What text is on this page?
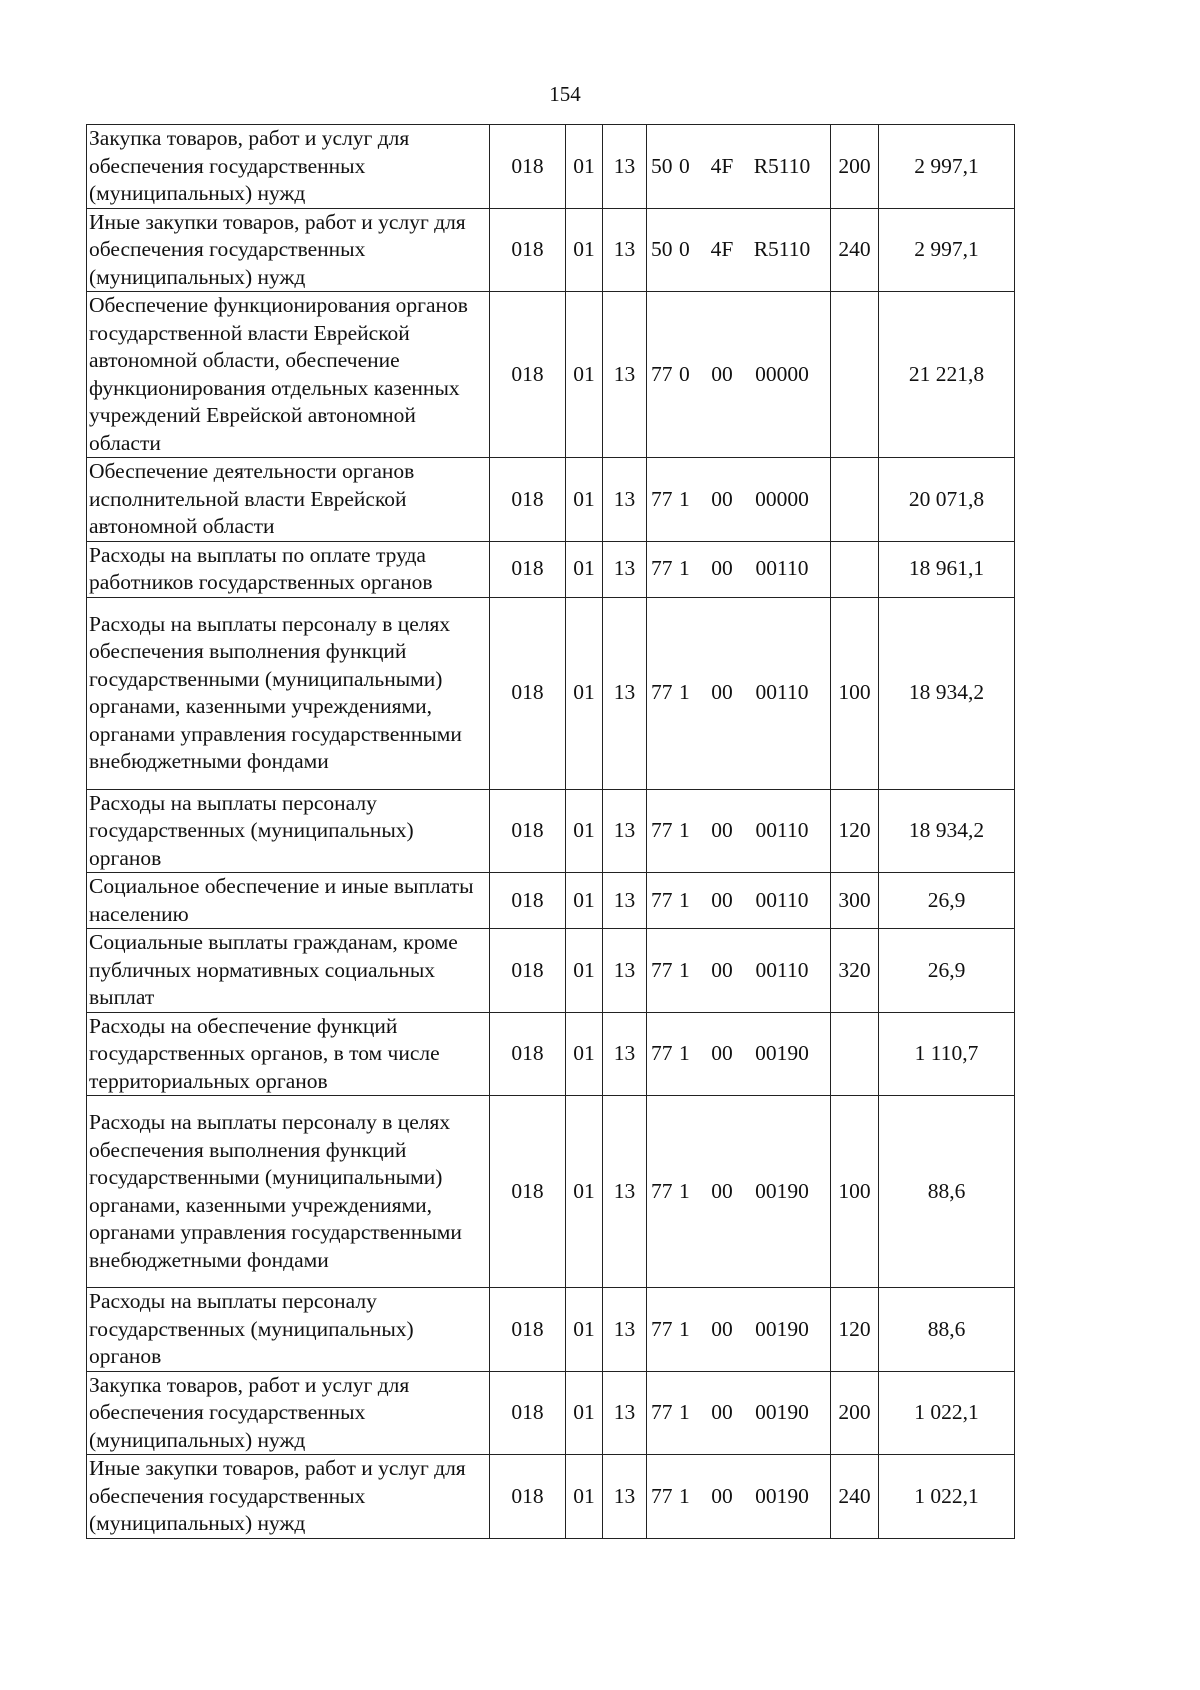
154
Закупка товаров, работ и услуг для обеспечения государственных (муниципальных) нужд	018	01	13	50 0 4F R5110	200	2 997,1
Иные закупки товаров, работ и услуг для обеспечения государственных (муниципальных) нужд	018	01	13	50 0 4F R5110	240	2 997,1
Обеспечение функционирования органов государственной власти Еврейской автономной области, обеспечение функционирования отдельных казенных учреждений Еврейской автономной области	018	01	13	77 0 00 00000		21 221,8
Обеспечение деятельности органов исполнительной власти Еврейской автономной области	018	01	13	77 1 00 00000		20 071,8
Расходы на выплаты по оплате труда работников государственных органов	018	01	13	77 1 00 00110		18 961,1
Расходы на выплаты персоналу в целях обеспечения выполнения функций государственными (муниципальными) органами, казенными учреждениями, органами управления государственными внебюджетными фондами	018	01	13	77 1 00 00110	100	18 934,2
Расходы на выплаты персоналу государственных (муниципальных) органов	018	01	13	77 1 00 00110	120	18 934,2
Социальное обеспечение и иные выплаты населению	018	01	13	77 1 00 00110	300	26,9
Социальные выплаты гражданам, кроме публичных нормативных социальных выплат	018	01	13	77 1 00 00110	320	26,9
Расходы на обеспечение функций государственных органов, в том числе территориальных органов	018	01	13	77 1 00 00190		1 110,7
Расходы на выплаты персоналу в целях обеспечения выполнения функций государственными (муниципальными) органами, казенными учреждениями, органами управления государственными внебюджетными фондами	018	01	13	77 1 00 00190	100	88,6
Расходы на выплаты персоналу государственных (муниципальных) органов	018	01	13	77 1 00 00190	120	88,6
Закупка товаров, работ и услуг для обеспечения государственных (муниципальных) нужд	018	01	13	77 1 00 00190	200	1 022,1
Иные закупки товаров, работ и услуг для обеспечения государственных (муниципальных) нужд	018	01	13	77 1 00 00190	240	1 022,1
